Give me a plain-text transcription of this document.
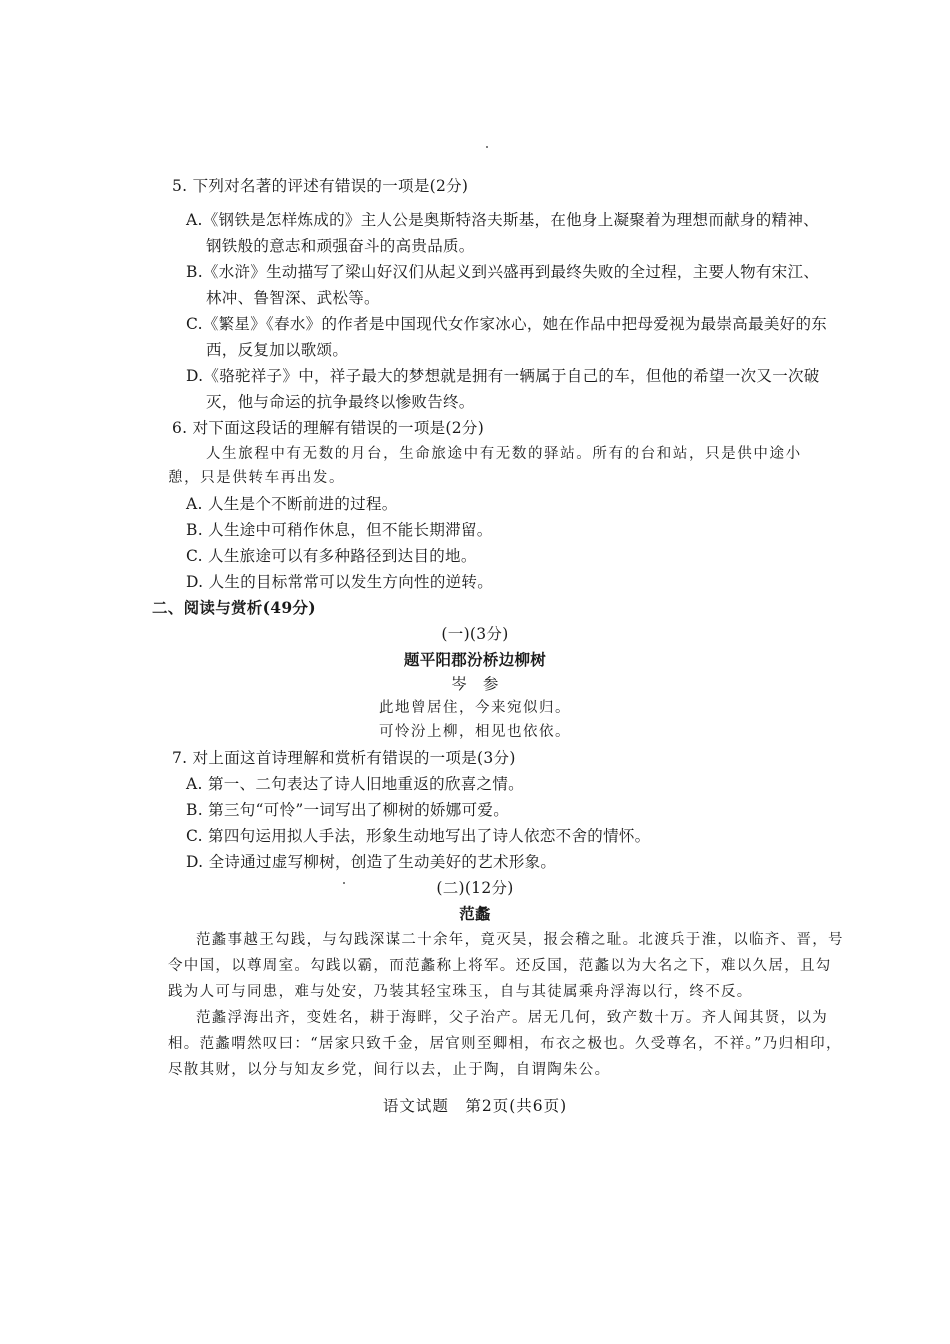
5. 下列对名著的评述有错误的一项是(2分)
A.《钢铁是怎样炼成的》主人公是奥斯特洛夫斯基，在他身上凝聚着为理想而献身的精神、
钢铁般的意志和顽强奋斗的高贵品质。
B.《水浒》生动描写了梁山好汉们从起义到兴盛再到最终失败的全过程，主要人物有宋江、
林冲、鲁智深、武松等。
C.《繁星》《春水》的作者是中国现代女作家冰心，她在作品中把母爱视为最崇高最美好的东
西，反复加以歌颂。
D.《骆驼祥子》中，祥子最大的梦想就是拥有一辆属于自己的车，但他的希望一次又一次破
灭，他与命运的抗争最终以惨败告终。
6. 对下面这段话的理解有错误的一项是(2分)
人生旅程中有无数的月台，生命旅途中有无数的驿站。所有的台和站，只是供中途小
憩，只是供转车再出发。
A. 人生是个不断前进的过程。
B. 人生途中可稍作休息，但不能长期滞留。
C. 人生旅途可以有多种路径到达目的地。
D. 人生的目标常常可以发生方向性的逆转。
二、阅读与赏析(49分)
(一)(3分)
题平阳郡汾桥边柳树
岑　参
此地曾居住，今来宛似归。
可怜汾上柳，相见也依依。
7. 对上面这首诗理解和赏析有错误的一项是(3分)
A. 第一、二句表达了诗人旧地重返的欣喜之情。
B. 第三句“可怜”一词写出了柳树的娇娜可爱。
C. 第四句运用拟人手法，形象生动地写出了诗人依恋不舍的情怀。
D. 全诗通过虚写柳树，创造了生动美好的艺术形象。
(二)(12分)
范蠡
范蠡事越王勾践，与勾践深谋二十余年，竟灭吴，报会稽之耻。北渡兵于淮，以临齐、晋，号
令中国，以尊周室。勾践以霸，而范蠡称上将军。还反国，范蠡以为大名之下，难以久居，且勾
践为人可与同患，难与处安，乃装其轻宝珠玉，自与其徒属乘舟浮海以行，终不反。
范蠡浮海出齐，变姓名，耕于海畔，父子治产。居无几何，致产数十万。齐人闻其贤，以为
相。范蠡喟然叹曰：“居家只致千金，居官则至卿相，布衣之极也。久受尊名，不祥。”乃归相印，
尽散其财，以分与知友乡党，间行以去，止于陶，自谓陶朱公。
语文试题　第2页(共6页)
